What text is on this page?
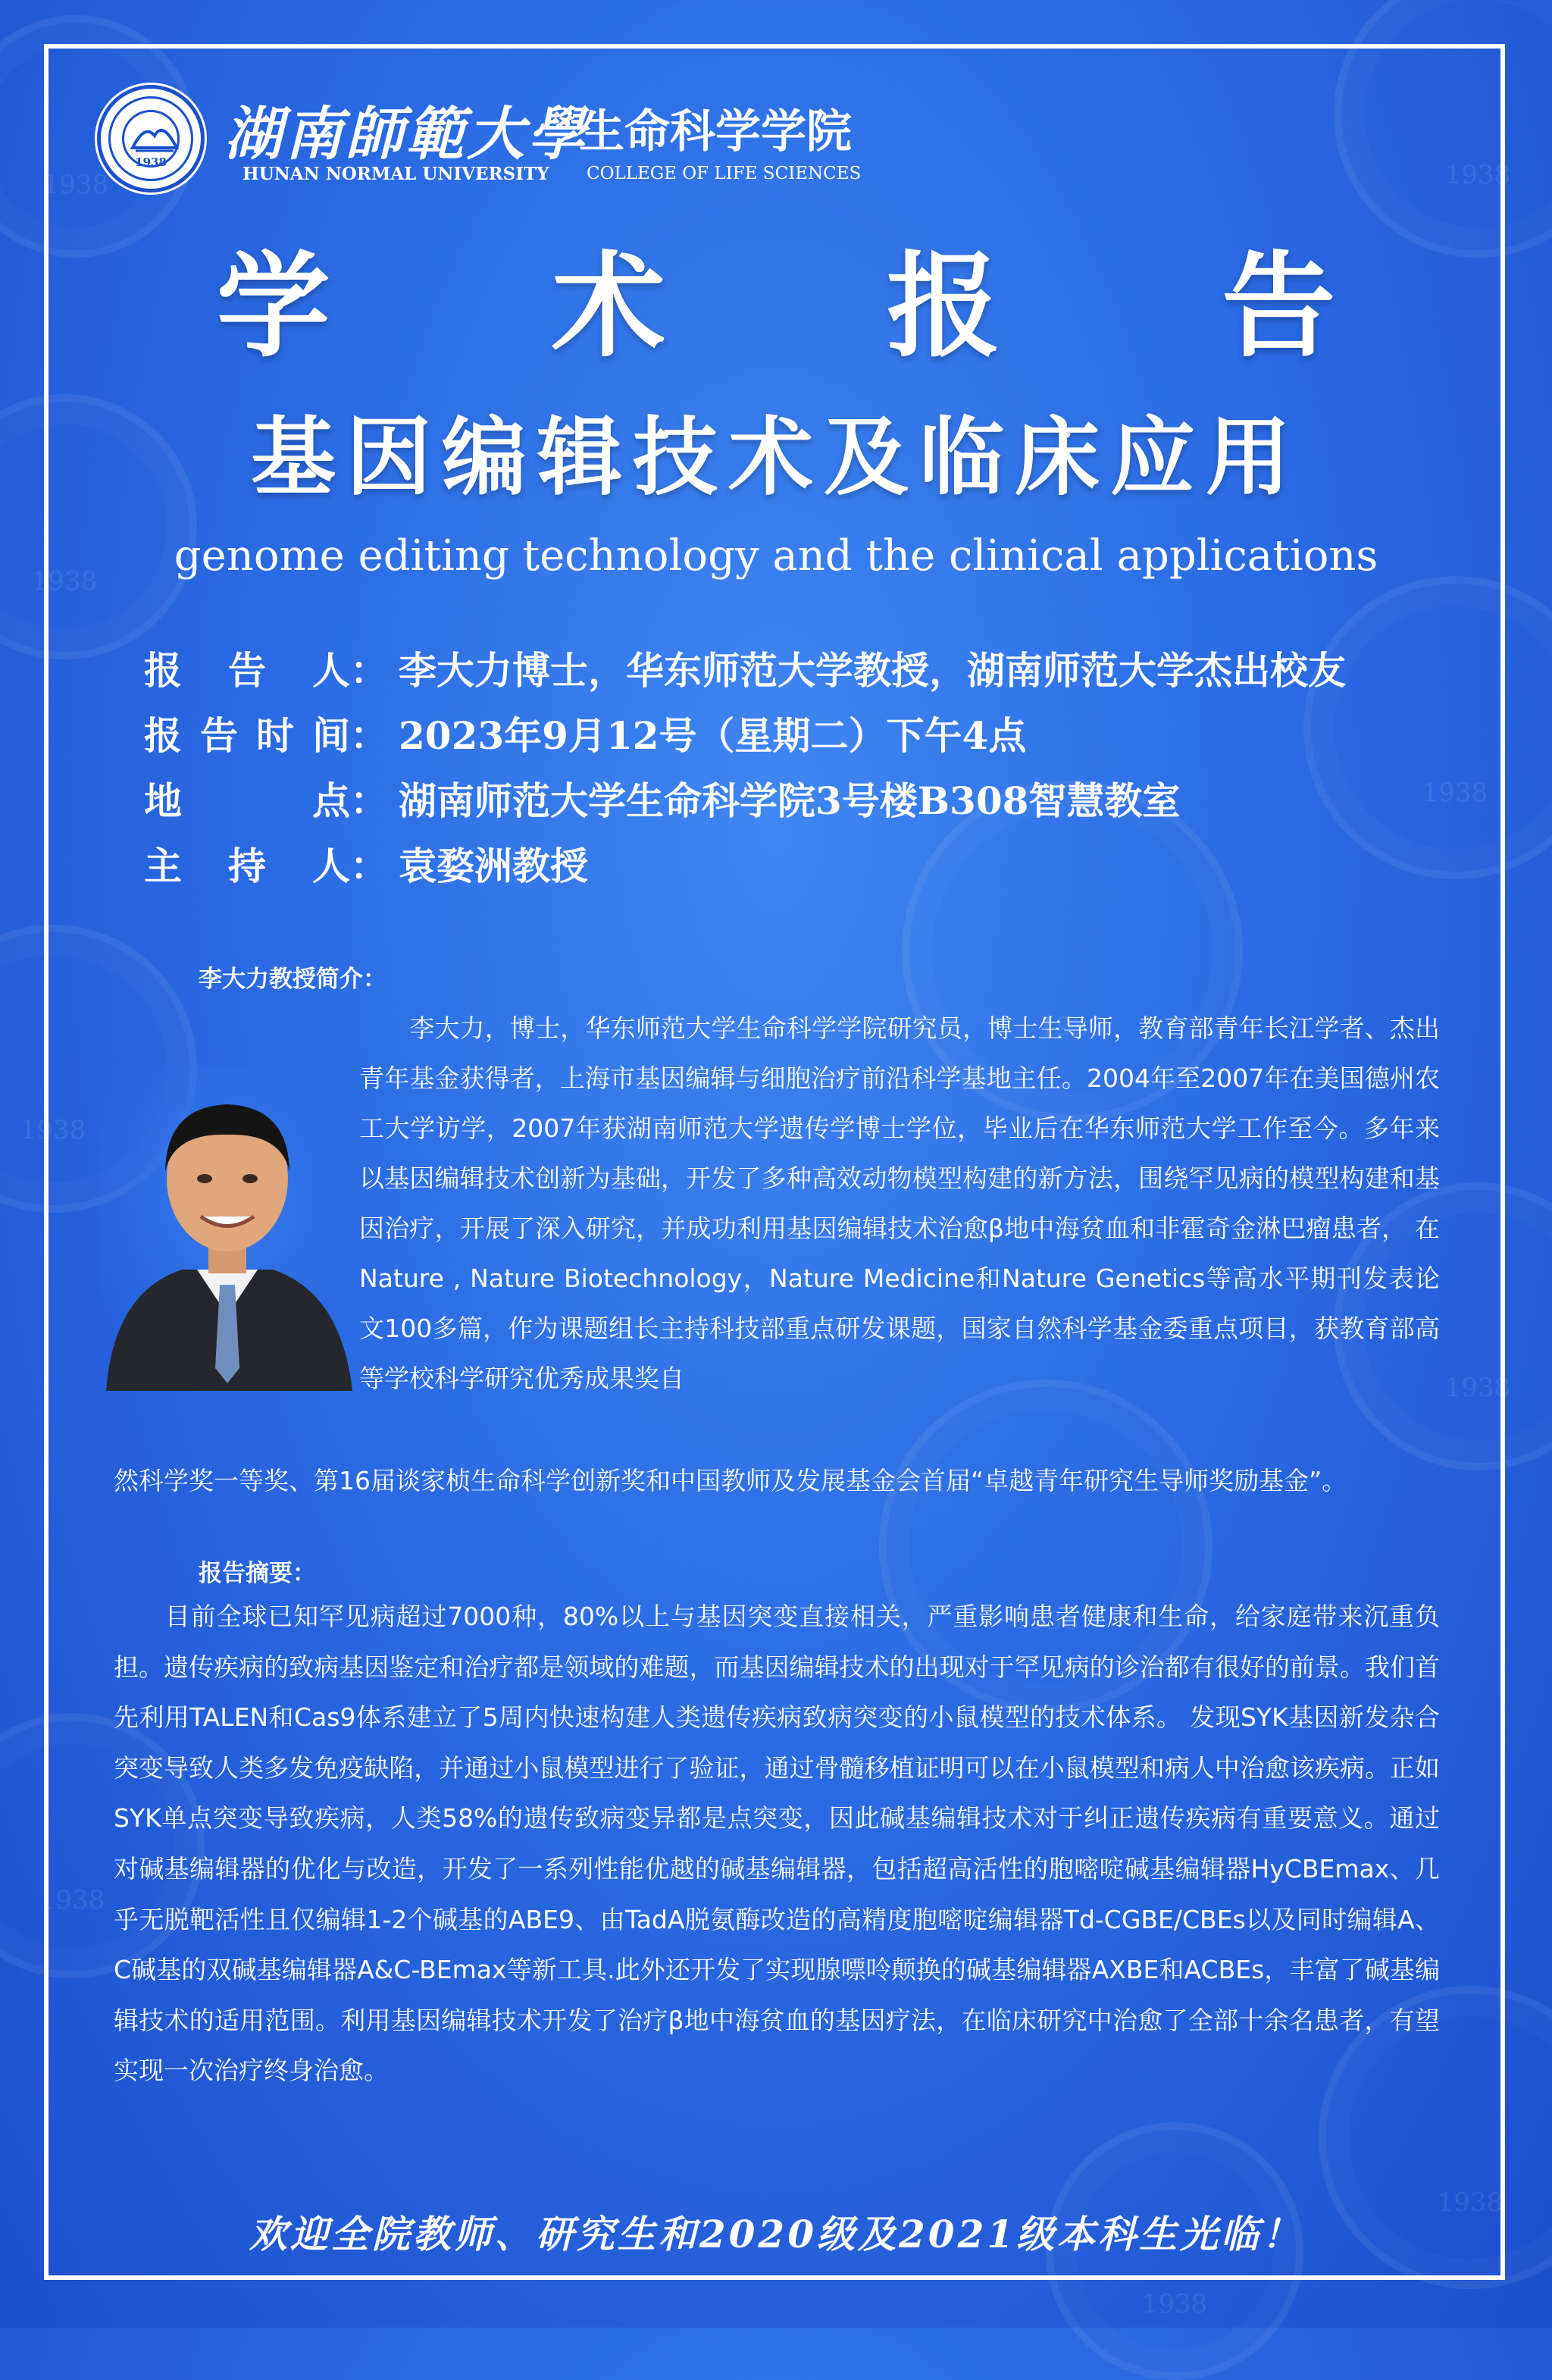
1938
1938
1938
1938
1938
1938
1938
1938
1938
1938
1938
1938	湖南師範大學
生命科学学院
HUNAN NORMAL UNIVERSITY COLLEGE OF LIFE SCIENCES
学 术 报 告
基因编辑技术及临床应用
genome editing technology and the clinical applications
报 告 人 ： 李大力博士，华东师范大学教授，湖南师范大学杰出校友
报 告 时 间 ： 2023年9月12号（星期二）下午4点
地	点 ： 湖南师范大学生命科学院3号楼B308智慧教室
主 持 人 ： 袁婺洲教授
李大力教授简介：

　　李大力，博士，华东师范大学生命科学学院研究员，博士生导师，教育部青年长江学者、杰出青年基金获得者，上海市基因编辑与细胞治疗前沿科学基地主任。2004年至2007年在美国德州农工大学访学，2007年获湖南师范大学遗传学博士学位，毕业后在华东师范大学工作至今。多年来以基因编辑技术创新为基础，开发了多种高效动物模型构建的新方法，围绕罕见病的模型构建和基因治疗，开展了深入研究，并成功利用基因编辑技术治愈β地中海贫血和非霍奇金淋巴瘤患者， 在Nature , Nature Biotechnology，Nature Medicine和Nature Genetics等高水平期刊发表论文100多篇，作为课题组长主持科技部重点研发课题，国家自然科学基金委重点项目，获教育部高等学校科学研究优秀成果奖自

然科学奖一等奖、第16届谈家桢生命科学创新奖和中国教师及发展基金会首届“卓越青年研究生导师奖励基金”。

报告摘要：

　　目前全球已知罕见病超过7000种，80%以上与基因突变直接相关，严重影响患者健康和生命，给家庭带来沉重负担。遗传疾病的致病基因鉴定和治疗都是领域的难题，而基因编辑技术的出现对于罕见病的诊治都有很好的前景。我们首先利用TALEN和Cas9体系建立了5周内快速构建人类遗传疾病致病突变的小鼠模型的技术体系。 发现SYK基因新发杂合突变导致人类多发免疫缺陷，并通过小鼠模型进行了验证，通过骨髓移植证明可以在小鼠模型和病人中治愈该疾病。正如SYK单点突变导致疾病，人类58%的遗传致病变异都是点突变，因此碱基编辑技术对于纠正遗传疾病有重要意义。通过对碱基编辑器的优化与改造，开发了一系列性能优越的碱基编辑器，包括超高活性的胞嘧啶碱基编辑器HyCBEmax、几乎无脱靶活性且仅编辑1-2个碱基的ABE9、由TadA脱氨酶改造的高精度胞嘧啶编辑器Td-CGBE/CBEs以及同时编辑A、C碱基的双碱基编辑器A&C-BEmax等新工具.此外还开发了实现腺嘌呤颠换的碱基编辑器AXBE和ACBEs，丰富了碱基编辑技术的适用范围。利用基因编辑技术开发了治疗β地中海贫血的基因疗法，在临床研究中治愈了全部十余名患者，有望实现一次治疗终身治愈。

欢迎全院教师、研究生和2020级及2021级本科生光临！
